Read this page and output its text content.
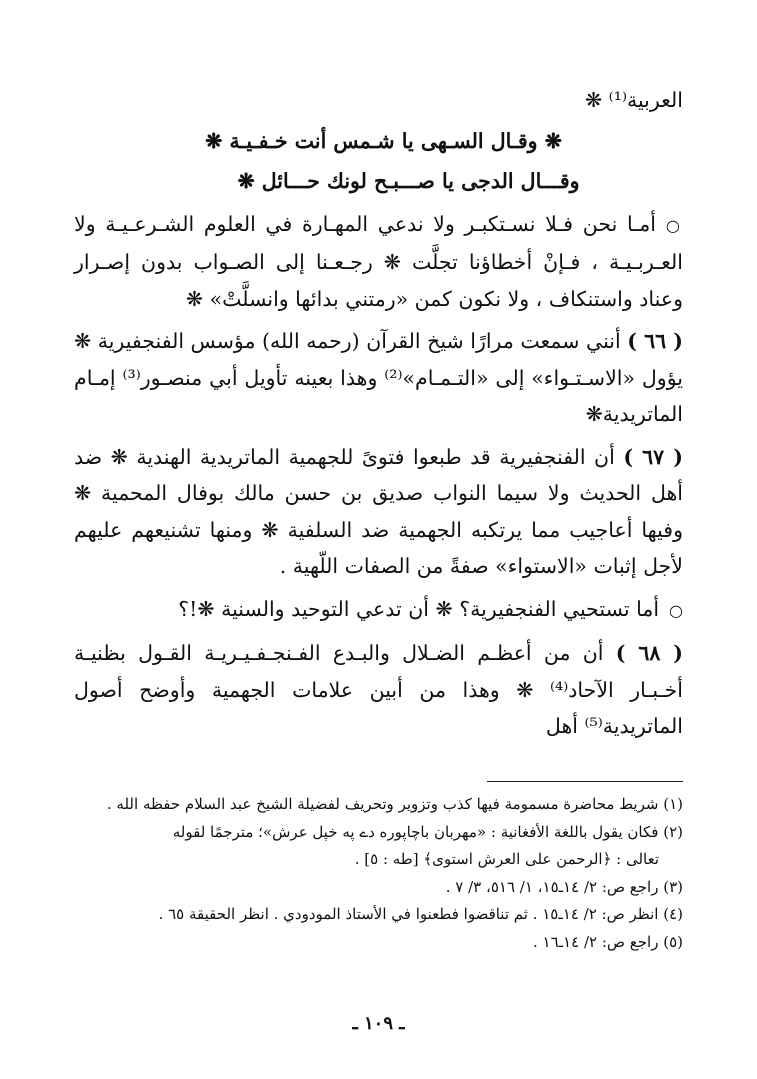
العربية⁽¹⁾ ❋

❋ وقـال السـهى يا شـمس أنت خـفـيـة ❋

وقـــال الدجى يا صـــبـح لونك حـــائل ❋

○أمـا نحن فـلا نسـتكبـر ولا ندعي المهـارة في العلوم الشـرعـيـة ولا العـربـيـة ، فـإنْ أخطاؤنا تجلَّت ❋ رجـعـنا إلى الصـواب بدون إصـرار وعناد واستنكاف ، ولا نكون كمن «رمتني بدائها وانسلَّتْ» ❋

( ٦٦ ) أنني سمعت مرارًا شيخ القرآن (رحمه الله) مؤسس الفنجفيرية ❋ يؤول «الاسـتـواء» إلى «التـمـام»⁽²⁾ وهذا بعينه تأويل أبي منصـور⁽³⁾ إمـام الماتريدية❋

( ٦٧ ) أن الفنجفيرية قد طبعوا فتوىً للجهمية الماتريدية الهندية ❋ ضد أهل الحديث ولا سيما النواب صديق بن حسن مالك بوفال المحمية ❋ وفيها أعاجيب مما يرتكبه الجهمية ضد السلفية ❋ ومنها تشنيعهم عليهم لأجل إثبات «الاستواء» صفةً من الصفات اللّهية .

○أما تستحيي الفنجفيرية؟ ❋ أن تدعي التوحيد والسنية ❋!؟

( ٦٨ ) أن من أعظـم الضـلال والبـدع الفـنجـفـيـريـة القـول بظنيـة أخـبـار الآحاد⁽⁴⁾ ❋ وهذا من أبين علامات الجهمية وأوضح أصول الماتريدية⁽⁵⁾ أهل

(١) شريط محاضرة مسمومة فيها كذب وتزوير وتحريف لفضيلة الشيخ عبد السلام حفظه الله .

(٢) فكان يقول باللغة الأفغانية : «مهربان باچاپوره دے په خپل عرش»؛ مترجمًا لقوله

تعالى : ﴿الرحمن على العرش استوى﴾ [طه : ٥] .

(٣) راجع ص: ٢/ ١٤ـ١٥، ١/ ٥١٦، ٣/ ٧ .

(٤) انظر ص: ٢/ ١٤ـ١٥ . ثم تناقضوا فطعنوا في الأستاذ المودودي . انظر الحقيقة ٦٥ .

(٥) راجع ص: ٢/ ١٤ـ١٦ .

ـ ١٠٩ ـ
